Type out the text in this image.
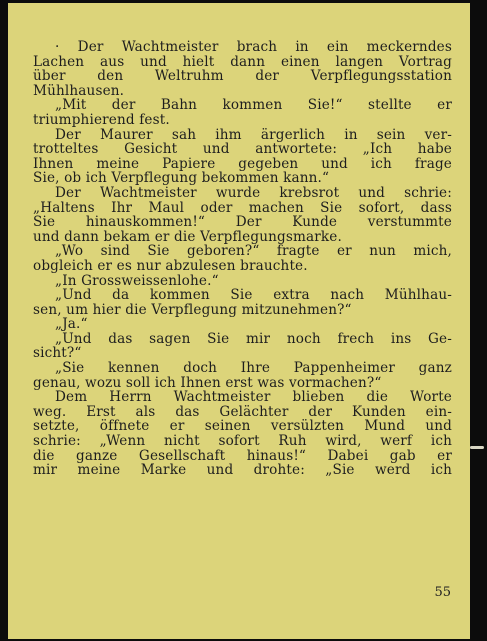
· Der Wachtmeister brach in ein meckerndes
Lachen aus und hielt dann einen langen Vortrag
über den Weltruhm der Verpflegungsstation
Mühlhausen.
„Mit der Bahn kommen Sie!“ stellte er
triumphierend fest.
Der Maurer sah ihm ärgerlich in sein ver-
trotteltes Gesicht und antwortete: „Ich habe
Ihnen meine Papiere gegeben und ich frage
Sie, ob ich Verpflegung bekommen kann.“
Der Wachtmeister wurde krebsrot und schrie:
„Haltens Ihr Maul oder machen Sie sofort, dass
Sie hinauskommen!“ Der Kunde verstummte
und dann bekam er die Verpflegungsmarke.
„Wo sind Sie geboren?“ fragte er nun mich,
obgleich er es nur abzulesen brauchte.
„In Grossweissenlohe.“
„Und da kommen Sie extra nach Mühlhau-
sen, um hier die Verpflegung mitzunehmen?“
„Ja.“
„Und das sagen Sie mir noch frech ins Ge-
sicht?“
„Sie kennen doch Ihre Pappenheimer ganz
genau, wozu soll ich Ihnen erst was vormachen?“
Dem Herrn Wachtmeister blieben die Worte
weg. Erst als das Gelächter der Kunden ein-
setzte, öffnete er seinen versülzten Mund und
schrie: „Wenn nicht sofort Ruh wird, werf ich
die ganze Gesellschaft hinaus!“ Dabei gab er
mir meine Marke und drohte: „Sie werd ich
55
